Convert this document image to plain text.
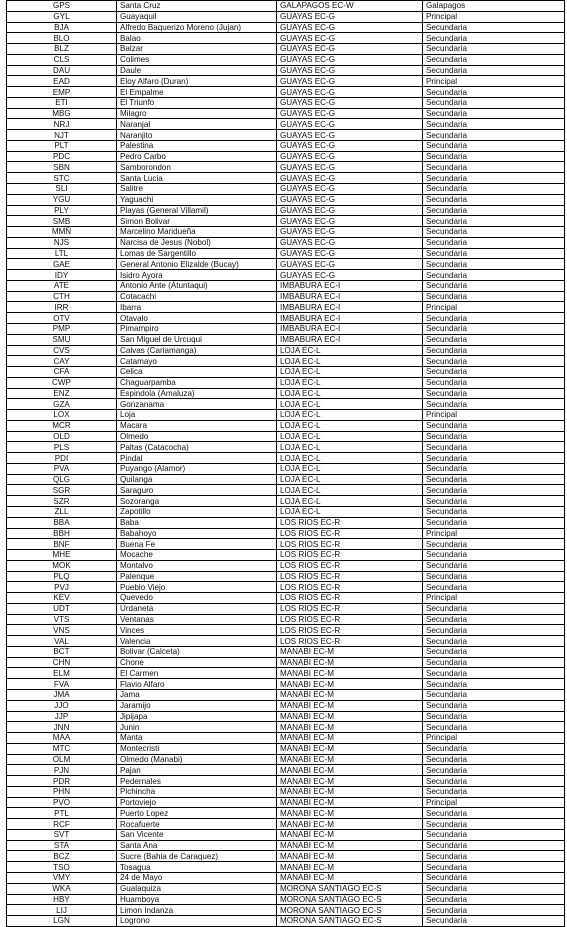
GPS	Santa Cruz	GALAPAGOS EC-W	Galapagos
GYL	Guayaquil	GUAYAS EC-G	Principal
BJA	Alfredo Baquerizo Moreno (Jujan)	GUAYAS EC-G	Secundaria
BLO	Balao	GUAYAS EC-G	Secundaria
BLZ	Balzar	GUAYAS EC-G	Secundaria
CLS	Colimes	GUAYAS EC-G	Secundaria
DAU	Daule	GUAYAS EC-G	Secundaria
EAD	Eloy Alfaro (Duran)	GUAYAS EC-G	Principal
EMP	El Empalme	GUAYAS EC-G	Secundaria
ETI	El Triunfo	GUAYAS EC-G	Secundaria
MBG	Milagro	GUAYAS EC-G	Secundaria
NRJ	Naranjal	GUAYAS EC-G	Secundaria
NJT	Naranjito	GUAYAS EC-G	Secundaria
PLT	Palestina	GUAYAS EC-G	Secundaria
PDC	Pedro Carbo	GUAYAS EC-G	Secundaria
SBN	Samborondon	GUAYAS EC-G	Secundaria
STC	Santa Lucia	GUAYAS EC-G	Secundaria
SLI	Salitre	GUAYAS EC-G	Secundaria
YGU	Yaguachi	GUAYAS EC-G	Secundaria
PLY	Playas (General Villamil)	GUAYAS EC-G	Secundaria
SMB	Simon Bolivar	GUAYAS EC-G	Secundaria
MMÑ	Marcelino Maridueña	GUAYAS EC-G	Secundaria
NJS	Narcisa de Jesus (Nobol)	GUAYAS EC-G	Secundaria
LTL	Lomas de Sargentillo	GUAYAS EC-G	Secundaria
GAE	General Antonio Elizalde (Bucay)	GUAYAS EC-G	Secundaria
IDY	Isidro Ayora	GUAYAS EC-G	Secundaria
ATE	Antonio Ante (Atuntaqui)	IMBABURA EC-I	Secundaria
CTH	Cotacachi	IMBABURA EC-I	Secundaria
IRR	Ibarra	IMBABURA EC-I	Principal
OTV	Otavalo	IMBABURA EC-I	Secundaria
PMP	Pimampiro	IMBABURA EC-I	Secundaria
SMU	San Miguel de Urcuqui	IMBABURA EC-I	Secundaria
CVS	Calvas (Cariamanga)	LOJA EC-L	Secundaria
CAY	Catamayo	LOJA EC-L	Secundaria
CFA	Celica	LOJA EC-L	Secundaria
CWP	Chaguarpamba	LOJA EC-L	Secundaria
ENZ	Espindola (Amaluza)	LOJA EC-L	Secundaria
GZA	Gonzanama	LOJA EC-L	Secundaria
LOX	Loja	LOJA EC-L	Principal
MCR	Macara	LOJA EC-L	Secundaria
OLD	Olmedo	LOJA EC-L	Secundaria
PLS	Paltas (Catacocha)	LOJA EC-L	Secundaria
PDI	Pindal	LOJA EC-L	Secundaria
PVA	Puyango (Alamor)	LOJA EC-L	Secundaria
QLG	Quilanga	LOJA EC-L	Secundaria
SGR	Saraguro	LOJA EC-L	Secundaria
SZR	Sozoranga	LOJA EC-L	Secundaria
ZLL	Zapotillo	LOJA EC-L	Secundaria
BBA	Baba	LOS RIOS EC-R	Secundaria
BBH	Babahoyo	LOS RIOS EC-R	Principal
BNF	Buena Fe	LOS RIOS EC-R	Secundaria
MHE	Mocache	LOS RIOS EC-R	Secundaria
MOK	Montalvo	LOS RIOS EC-R	Secundaria
PLQ	Palenque	LOS RIOS EC-R	Secundaria
PVJ	Pueblo Viejo	LOS RIOS EC-R	Secundaria
KEV	Quevedo	LOS RIOS EC-R	Principal
UDT	Urdaneta	LOS RIOS EC-R	Secundaria
VTS	Ventanas	LOS RIOS EC-R	Secundaria
VNS	Vinces	LOS RIOS EC-R	Secundaria
VAL	Valencia	LOS RIOS EC-R	Secundaria
BCT	Bolivar (Calceta)	MANABI EC-M	Secundaria
CHN	Chone	MANABI EC-M	Secundaria
ELM	El Carmen	MANABI EC-M	Secundaria
FVA	Flavio Alfaro	MANABI EC-M	Secundaria
JMA	Jama	MANABI EC-M	Secundaria
JJO	Jaramijo	MANABI EC-M	Secundaria
JJP	Jipijapa	MANABI EC-M	Secundaria
JNN	Junin	MANABI EC-M	Secundaria
MAA	Manta	MANABI EC-M	Principal
MTC	Montecristi	MANABI EC-M	Secundaria
OLM	Olmedo (Manabi)	MANABI EC-M	Secundaria
PJN	Pajan	MANABI EC-M	Secundaria
PDR	Pedernales	MANABI EC-M	Secundaria
PHN	Pichincha	MANABI EC-M	Secundaria
PVO	Portoviejo	MANABI EC-M	Principal
PTL	Puerto Lopez	MANABI EC-M	Secundaria
RCF	Rocafuerte	MANABI EC-M	Secundaria
SVT	San Vicente	MANABI EC-M	Secundaria
STA	Santa Ana	MANABI EC-M	Secundaria
BCZ	Sucre (Bahia de Caraquez)	MANABI EC-M	Secundaria
TSO	Tosagua	MANABI EC-M	Secundaria
VMY	24 de Mayo	MANABI EC-M	Secundaria
WKA	Gualaquiza	MORONA SANTIAGO EC-S	Secundaria
HBY	Huamboya	MORONA SANTIAGO EC-S	Secundaria
LIJ	Limon Indanza	MORONA SANTIAGO EC-S	Secundaria
LGN	Logrono	MORONA SANTIAGO EC-S	Secundaria
